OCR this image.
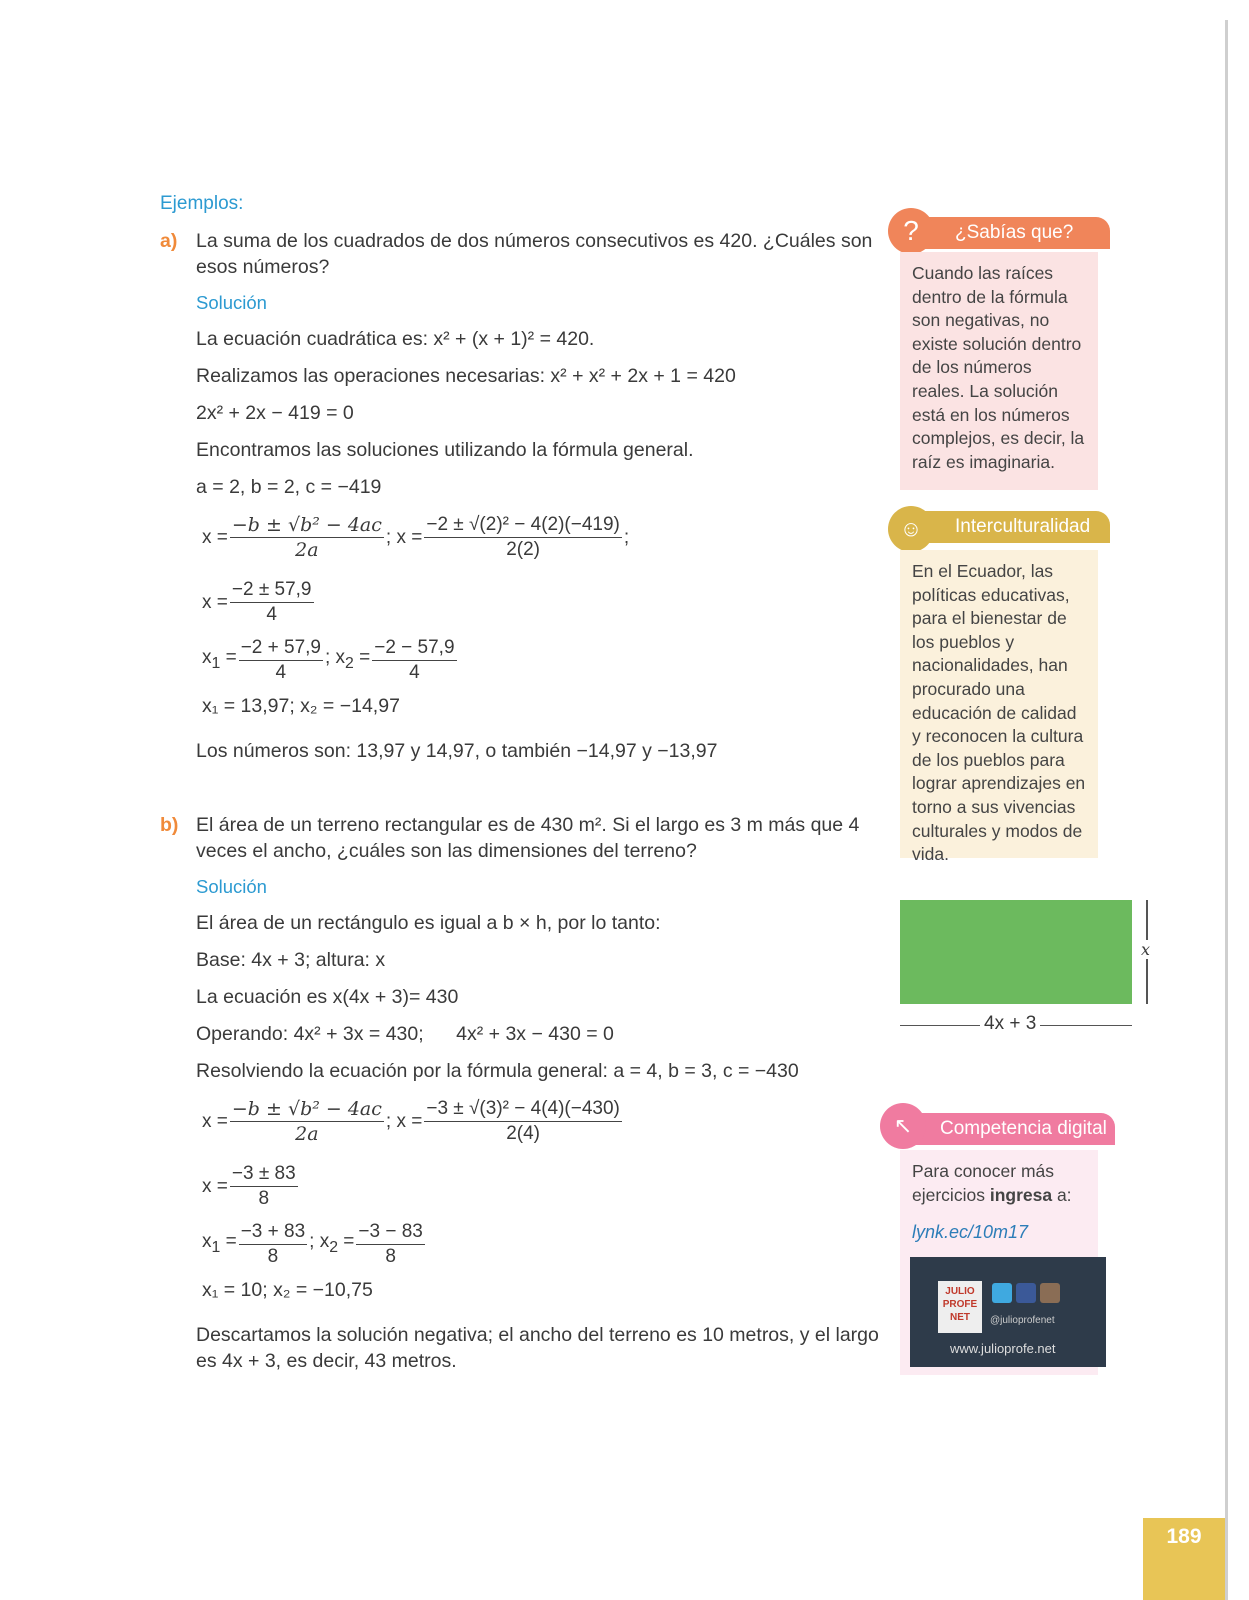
Ejemplos:
a) La suma de los cuadrados de dos números consecutivos es 420. ¿Cuáles son
esos números?
Solución
La ecuación cuadrática es: x² + (x + 1)² = 420.
Realizamos las operaciones necesarias: x² + x² + 2x + 1 = 420
2x² + 2x − 419 = 0
Encontramos las soluciones utilizando la fórmula general.
a = 2, b = 2, c = −419
$x = \frac{\text{−b ± √b² − 4ac}}{2a}$ ; $x = \frac{\text{−2 ± √(2)² − 4(2)(−419)}}{2(2)}$ ;
$x = \frac{-2 \pm 57,9}{4}$
$x_1 = \frac{-2 + 57,9}{4}$ ; $x_2 = \frac{-2 - 57,9}{4}$
x₁ = 13,97; x₂ = −14,97
Los números son: 13,97 y 14,97, o también −14,97 y −13,97
b) El área de un terreno rectangular es de 430 m². Si el largo es 3 m más que 4
veces el ancho, ¿cuáles son las dimensiones del terreno?
Solución
El área de un rectángulo es igual a b × h, por lo tanto:
Base: 4x + 3; altura: x
La ecuación es x(4x + 3)= 430
Operando: 4x² + 3x = 430;      4x² + 3x − 430 = 0
Resolviendo la ecuación por la fórmula general: a = 4, b = 3, c = −430
$x = \frac{\text{−b ± √b² − 4ac}}{2a}$ ; $x = \frac{\text{−3 ± √(3)² − 4(4)(−430)}}{2(4)}$
$x = \frac{-3 \pm 83}{8}$
$x_1 = \frac{-3 + 83}{8}$ ; $x_2 = \frac{-3 - 83}{8}$
x₁ = 10; x₂ = −10,75
Descartamos la solución negativa; el ancho del terreno es 10 metros, y el largo
es 4x + 3, es decir, 43 metros.
¿Sabías que?
?
Cuando las raíces dentro de la fórmula son negativas, no existe solución dentro de los números reales. La solución está en los números complejos, es decir, la raíz es imaginaria.
Interculturalidad
☺
En el Ecuador, las políticas educativas, para el bienestar de los pueblos y nacionalidades, han procurado una educación de calidad y reconocen la cultura de los pueblos para lograr aprendizajes en torno a sus vivencias culturales y modos de vida.
x
4x + 3
Competencia digital
↖
Para conocer más ejercicios ingresa a:
lynk.ec/10m17
JULIO PROFE NET	@julioprofenet
www.julioprofe.net
189
